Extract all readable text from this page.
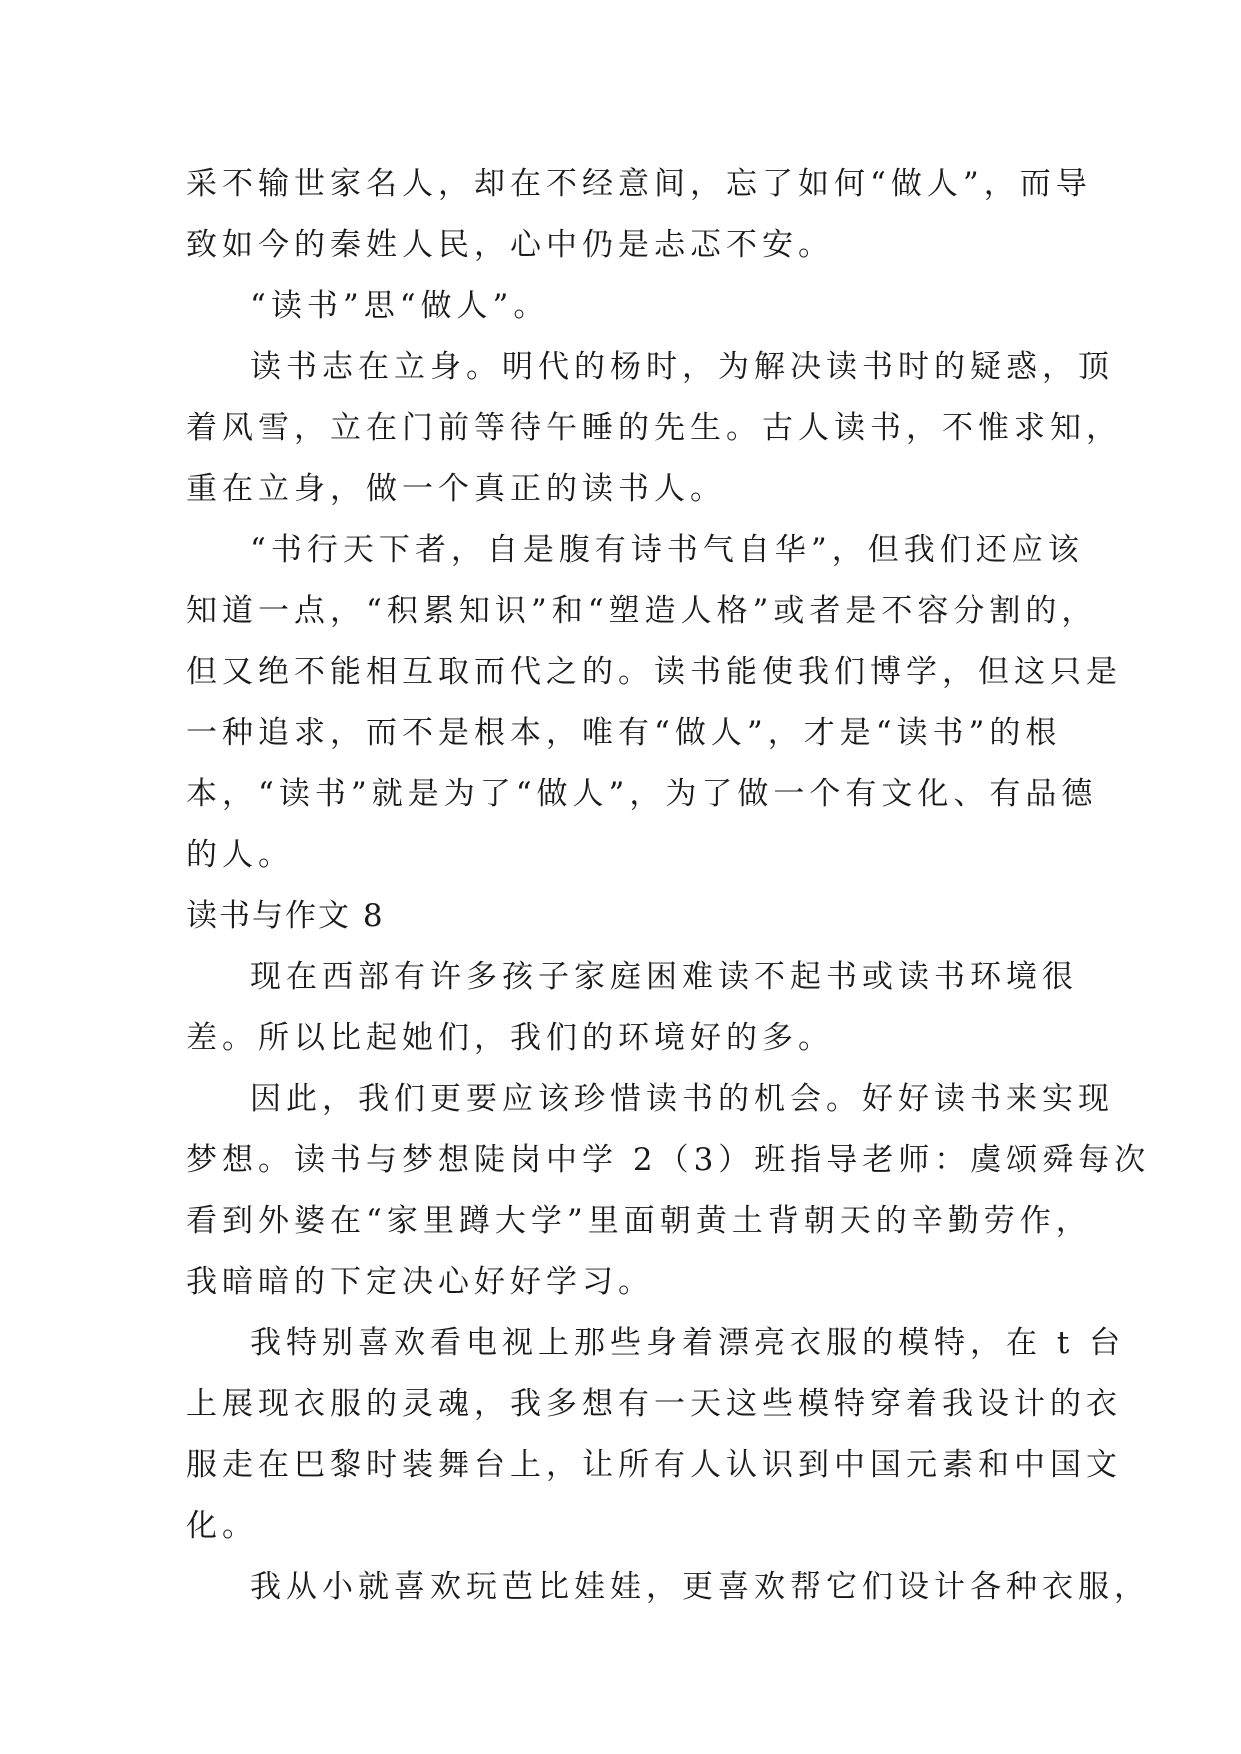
采不输世家名人，却在不经意间，忘了如何“做人”，而导
致如今的秦姓人民，心中仍是忐忑不安。
“读书”思“做人”。
读书志在立身。明代的杨时，为解决读书时的疑惑，顶
着风雪，立在门前等待午睡的先生。古人读书，不惟求知，
重在立身，做一个真正的读书人。
“书行天下者，自是腹有诗书气自华”，但我们还应该
知道一点，“积累知识”和“塑造人格”或者是不容分割的，
但又绝不能相互取而代之的。读书能使我们博学，但这只是
一种追求，而不是根本，唯有“做人”，才是“读书”的根
本，“读书”就是为了“做人”，为了做一个有文化、有品德
的人。
读书与作文 8
现在西部有许多孩子家庭困难读不起书或读书环境很
差。所以比起她们，我们的环境好的多。
因此，我们更要应该珍惜读书的机会。好好读书来实现
梦想。读书与梦想陡岗中学 2（3）班指导老师：虞颂舜每次
看到外婆在“家里蹲大学”里面朝黄土背朝天的辛勤劳作，
我暗暗的下定决心好好学习。
我特别喜欢看电视上那些身着漂亮衣服的模特，在 t 台
上展现衣服的灵魂，我多想有一天这些模特穿着我设计的衣
服走在巴黎时装舞台上，让所有人认识到中国元素和中国文
化。
我从小就喜欢玩芭比娃娃，更喜欢帮它们设计各种衣服，
